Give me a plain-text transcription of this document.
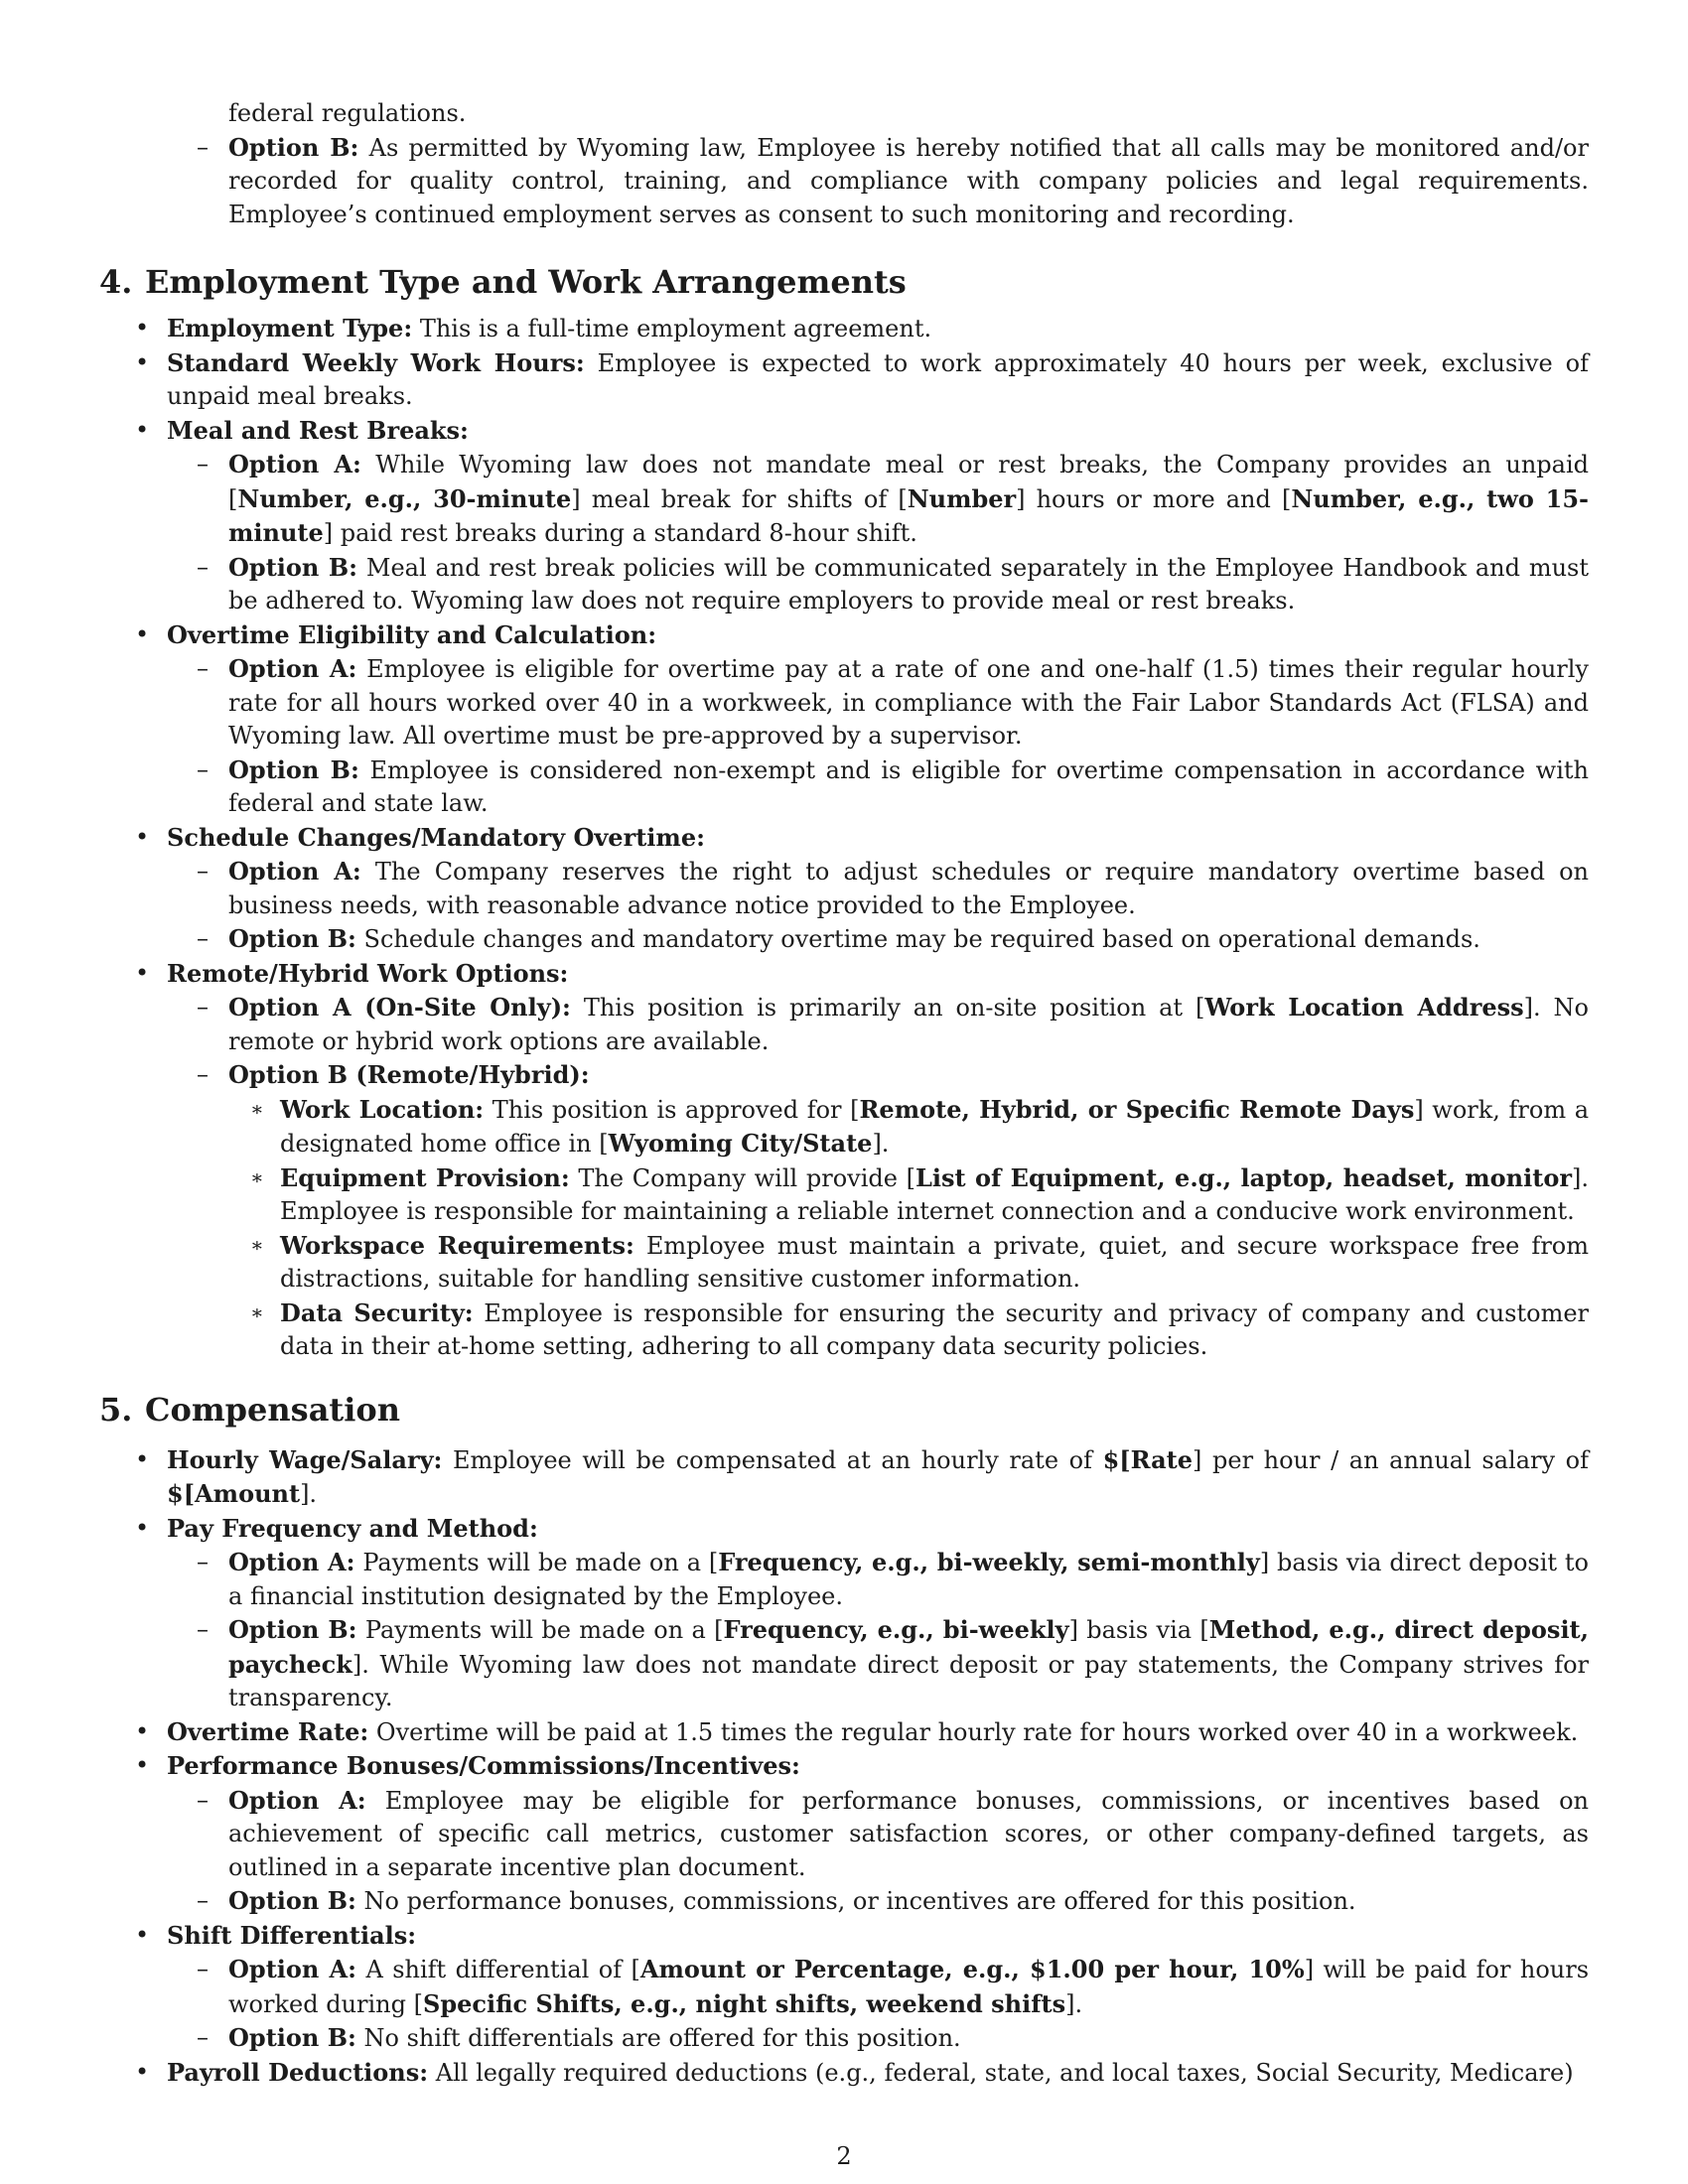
federal regulations.
– Option B: As permitted by Wyoming law, Employee is hereby notified that all calls may be monitored and/or recorded for quality control, training, and compliance with company policies and legal requirements. Employee’s continued employment serves as consent to such monitoring and recording.
4. Employment Type and Work Arrangements
• Employment Type: This is a full-time employment agreement.
• Standard Weekly Work Hours: Employee is expected to work approximately 40 hours per week, exclusive of unpaid meal breaks.
• Meal and Rest Breaks:
– Option A: While Wyoming law does not mandate meal or rest breaks, the Company provides an unpaid [Number, e.g., 30-minute] meal break for shifts of [Number] hours or more and [Number, e.g., two 15-minute] paid rest breaks during a standard 8-hour shift.
– Option B: Meal and rest break policies will be communicated separately in the Employee Handbook and must be adhered to. Wyoming law does not require employers to provide meal or rest breaks.
• Overtime Eligibility and Calculation:
– Option A: Employee is eligible for overtime pay at a rate of one and one-half (1.5) times their regular hourly rate for all hours worked over 40 in a workweek, in compliance with the Fair Labor Standards Act (FLSA) and Wyoming law. All overtime must be pre-approved by a supervisor.
– Option B: Employee is considered non-exempt and is eligible for overtime compensation in accordance with federal and state law.
• Schedule Changes/Mandatory Overtime:
– Option A: The Company reserves the right to adjust schedules or require mandatory overtime based on business needs, with reasonable advance notice provided to the Employee.
– Option B: Schedule changes and mandatory overtime may be required based on operational demands.
• Remote/Hybrid Work Options:
– Option A (On-Site Only): This position is primarily an on-site position at [Work Location Address]. No remote or hybrid work options are available.
– Option B (Remote/Hybrid):
∗ Work Location: This position is approved for [Remote, Hybrid, or Specific Remote Days] work, from a designated home office in [Wyoming City/State].
∗ Equipment Provision: The Company will provide [List of Equipment, e.g., laptop, headset, monitor]. Employee is responsible for maintaining a reliable internet connection and a conducive work environment.
∗ Workspace Requirements: Employee must maintain a private, quiet, and secure workspace free from distractions, suitable for handling sensitive customer information.
∗ Data Security: Employee is responsible for ensuring the security and privacy of company and customer data in their at-home setting, adhering to all company data security policies.
5. Compensation
• Hourly Wage/Salary: Employee will be compensated at an hourly rate of $[Rate] per hour / an annual salary of $[Amount].
• Pay Frequency and Method:
– Option A: Payments will be made on a [Frequency, e.g., bi-weekly, semi-monthly] basis via direct deposit to a financial institution designated by the Employee.
– Option B: Payments will be made on a [Frequency, e.g., bi-weekly] basis via [Method, e.g., direct deposit, paycheck]. While Wyoming law does not mandate direct deposit or pay statements, the Company strives for transparency.
• Overtime Rate: Overtime will be paid at 1.5 times the regular hourly rate for hours worked over 40 in a workweek.
• Performance Bonuses/Commissions/Incentives:
– Option A: Employee may be eligible for performance bonuses, commissions, or incentives based on achievement of specific call metrics, customer satisfaction scores, or other company-defined targets, as outlined in a separate incentive plan document.
– Option B: No performance bonuses, commissions, or incentives are offered for this position.
• Shift Differentials:
– Option A: A shift differential of [Amount or Percentage, e.g., $1.00 per hour, 10%] will be paid for hours worked during [Specific Shifts, e.g., night shifts, weekend shifts].
– Option B: No shift differentials are offered for this position.
• Payroll Deductions: All legally required deductions (e.g., federal, state, and local taxes, Social Security, Medicare)
2
